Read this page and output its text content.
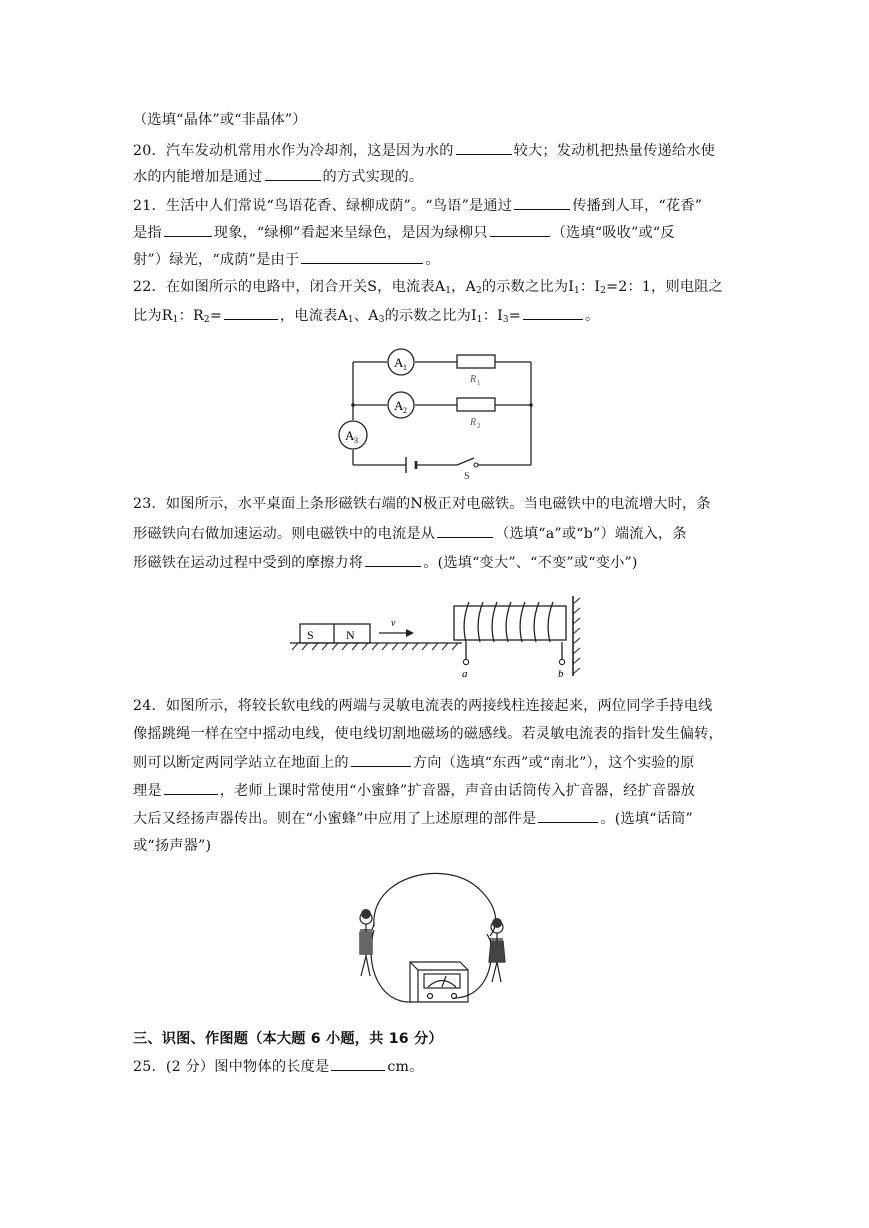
（选填“晶体”或“非晶体”）
20．汽车发动机常用水作为冷却剂，这是因为水的	较大；发动机把热量传递给水使
水的内能增加是通过	的方式实现的。
21．生活中人们常说“鸟语花香、绿柳成荫”。“鸟语”是通过	传播到人耳，“花香”
是指	现象，“绿柳”看起来呈绿色，是因为绿柳只	（选填“吸收”或“反
射”）绿光，“成荫”是由于	。
22．在如图所示的电路中，闭合开关S，电流表$A_1$，$A_2$的示数之比为$I_1$：$I_2=2$：1，则电阻之
比为$R_1$：$R_2=$	，电流表$A_1$、$A_3$的示数之比为$I_1$：$I_3=$	。
A 1
A 2
A 3
R 1
R 2
S
23．如图所示，水平桌面上条形磁铁右端的N极正对电磁铁。当电磁铁中的电流增大时，条
形磁铁向右做加速运动。则电磁铁中的电流是从	（选填“a”或“b”）端流入，条
形磁铁在运动过程中受到的摩擦力将	。(选填“变大”、“不变”或“变小”)
S	N
v
a	b
24．如图所示，将较长软电线的两端与灵敏电流表的两接线柱连接起来，两位同学手持电线
像摇跳绳一样在空中摇动电线，使电线切割地磁场的磁感线。若灵敏电流表的指针发生偏转，
则可以断定两同学站立在地面上的	方向（选填“东西”或“南北”），这个实验的原
理是	，老师上课时常使用“小蜜蜂”扩音器，声音由话筒传入扩音器，经扩音器放
大后又经扬声器传出。则在“小蜜蜂”中应用了上述原理的部件是	。(选填“话筒”
或“扬声器”)
三、识图、作图题（本大题 6 小题，共 16 分）
25．(2 分）图中物体的长度是	cm。
